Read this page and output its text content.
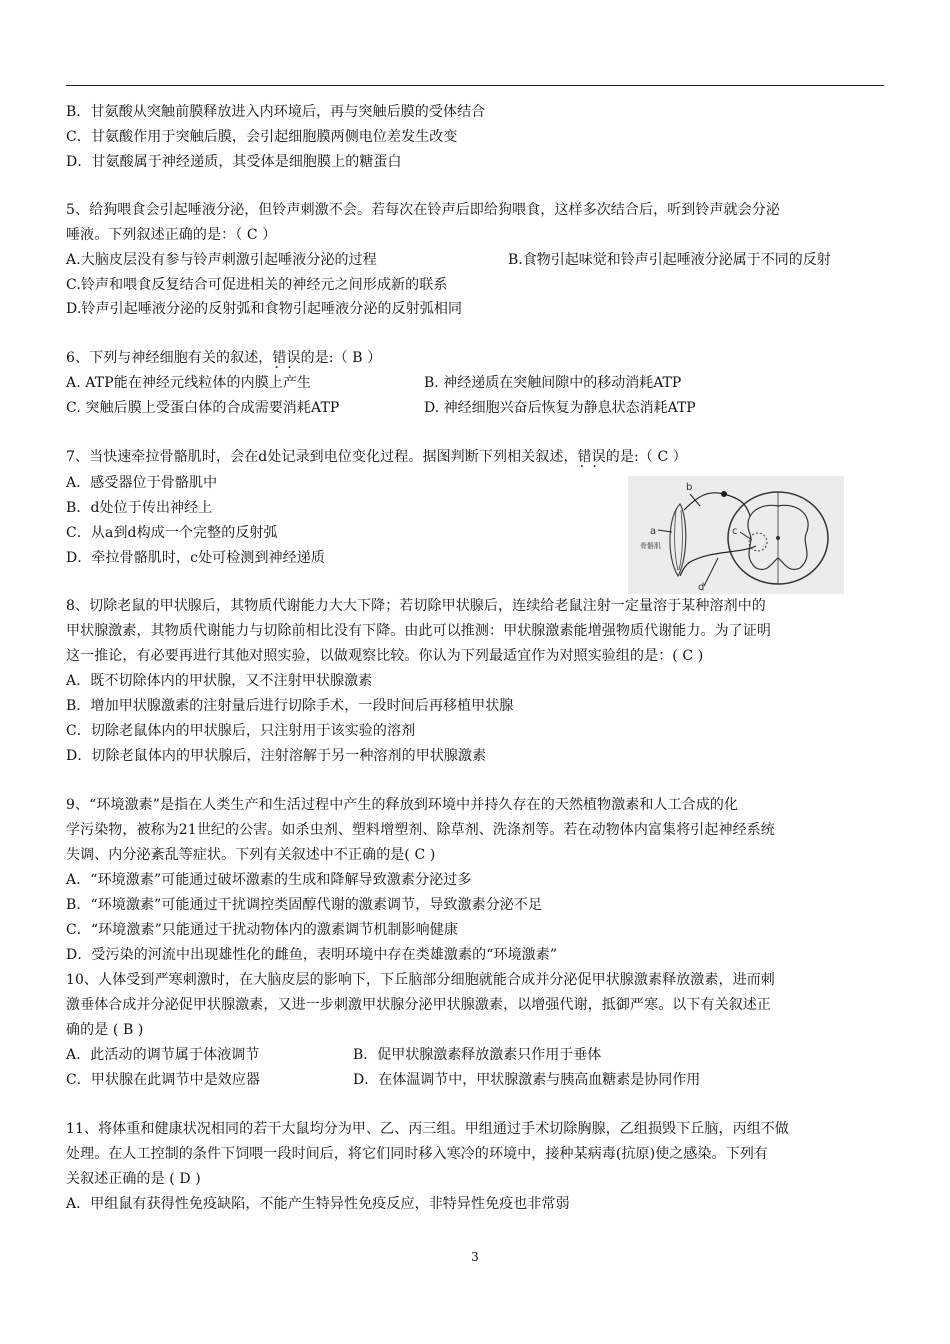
B．甘氨酸从突触前膜释放进入内环境后，再与突触后膜的受体结合
C．甘氨酸作用于突触后膜，会引起细胞膜两侧电位差发生改变
D．甘氨酸属于神经递质，其受体是细胞膜上的糖蛋白
5、给狗喂食会引起唾液分泌，但铃声刺激不会。若每次在铃声后即给狗喂食，这样多次结合后，听到铃声就会分泌
唾液。下列叙述正确的是：（ C ）
A.大脑皮层没有参与铃声刺激引起唾液分泌的过程	B.食物引起味觉和铃声引起唾液分泌属于不同的反射
C.铃声和喂食反复结合可促进相关的神经元之间形成新的联系
D.铃声引起唾液分泌的反射弧和食物引起唾液分泌的反射弧相同
6、下列与神经细胞有关的叙述，错误 · ·的是:（ B ）
A. ATP能在神经元线粒体的内膜上产生	B. 神经递质在突触间隙中的移动消耗ATP
C. 突触后膜上受蛋白体的合成需要消耗ATP	D. 神经细胞兴奋后恢复为静息状态消耗ATP
7、当快速牵拉骨骼肌时，会在d处记录到电位变化过程。据图判断下列相关叙述，错误 · ·的是:（ C ）
A．感受器位于骨骼肌中
B．d处位于传出神经上
C．从a到d构成一个完整的反射弧
D．牵拉骨骼肌时，c处可检测到神经递质
b
a
骨骼肌
c
d
8、切除老鼠的甲状腺后，其物质代谢能力大大下降；若切除甲状腺后，连续给老鼠注射一定量溶于某种溶剂中的
甲状腺激素，其物质代谢能力与切除前相比没有下降。由此可以推测：甲状腺激素能增强物质代谢能力。为了证明
这一推论，有必要再进行其他对照实验，以做观察比较。你认为下列最适宜作为对照实验组的是：( C )
A．既不切除体内的甲状腺，又不注射甲状腺激素
B．增加甲状腺激素的注射量后进行切除手术，一段时间后再移植甲状腺
C．切除老鼠体内的甲状腺后，只注射用于该实验的溶剂
D．切除老鼠体内的甲状腺后，注射溶解于另一种溶剂的甲状腺激素
9、“环境激素”是指在人类生产和生活过程中产生的释放到环境中并持久存在的天然植物激素和人工合成的化
学污染物，被称为21世纪的公害。如杀虫剂、塑料增塑剂、除草剂、洗涤剂等。若在动物体内富集将引起神经系统
失调、内分泌紊乱等症状。下列有关叙述中不正确的是( C )
A．“环境激素”可能通过破坏激素的生成和降解导致激素分泌过多
B．“环境激素”可能通过干扰调控类固醇代谢的激素调节，导致激素分泌不足
C．“环境激素”只能通过干扰动物体内的激素调节机制影响健康
D．受污染的河流中出现雄性化的雌鱼，表明环境中存在类雄激素的“环境激素”
10、人体受到严寒刺激时，在大脑皮层的影响下，下丘脑部分细胞就能合成并分泌促甲状腺激素释放激素，进而刺
激垂体合成并分泌促甲状腺激素，又进一步刺激甲状腺分泌甲状腺激素，以增强代谢，抵御严寒。以下有关叙述正
确的是 ( B )
A．此活动的调节属于体液调节	B．促甲状腺激素释放激素只作用于垂体
C．甲状腺在此调节中是效应器	D．在体温调节中，甲状腺激素与胰高血糖素是协同作用
11、将体重和健康状况相同的若干大鼠均分为甲、乙、丙三组。甲组通过手术切除胸腺，乙组损毁下丘脑，丙组不做
处理。在人工控制的条件下饲喂一段时间后，将它们同时移入寒冷的环境中，接种某病毒(抗原)使之感染。下列有
关叙述正确的是 ( D )
A．甲组鼠有获得性免疫缺陷，不能产生特异性免疫反应，非特异性免疫也非常弱
3
